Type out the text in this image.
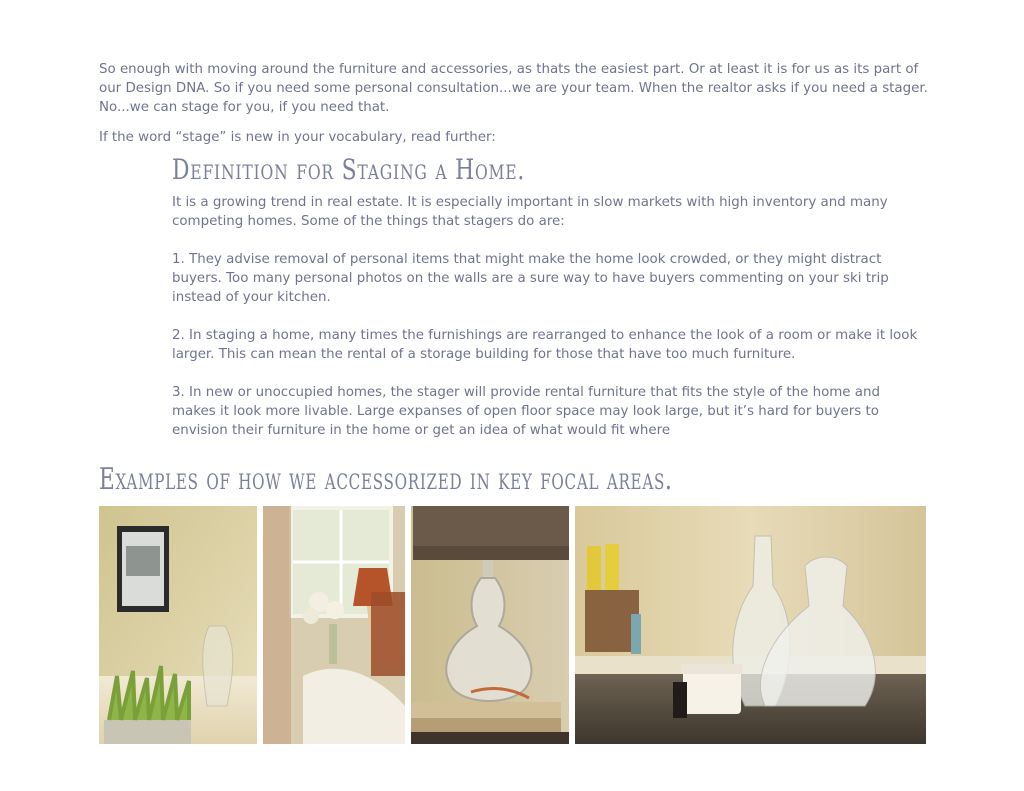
So enough with moving around the furniture and accessories, as thats the easiest part. Or at least it is for us as its part of our Design DNA. So if you need some personal consultation...we are your team. When the realtor asks if you need a stager. No...we can stage for you, if you need that.

If the word “stage” is new in your vocabulary, read further:

Definition for Staging a Home.

It is a growing trend in real estate. It is especially important in slow markets with high inventory and many competing homes. Some of the things that stagers do are:

1. They advise removal of personal items that might make the home look crowded, or they might distract buyers. Too many personal photos on the walls are a sure way to have buyers commenting on your ski trip instead of your kitchen.

2. In staging a home, many times the furnishings are rearranged to enhance the look of a room or make it look larger. This can mean the rental of a storage building for those that have too much furniture.

3. In new or unoccupied homes, the stager will provide rental furniture that fits the style of the home and makes it look more livable. Large expanses of open floor space may look large, but it’s hard for buyers to envision their furniture in the home or get an idea of what would fit where

Examples of how we accessorized in key focal areas.
